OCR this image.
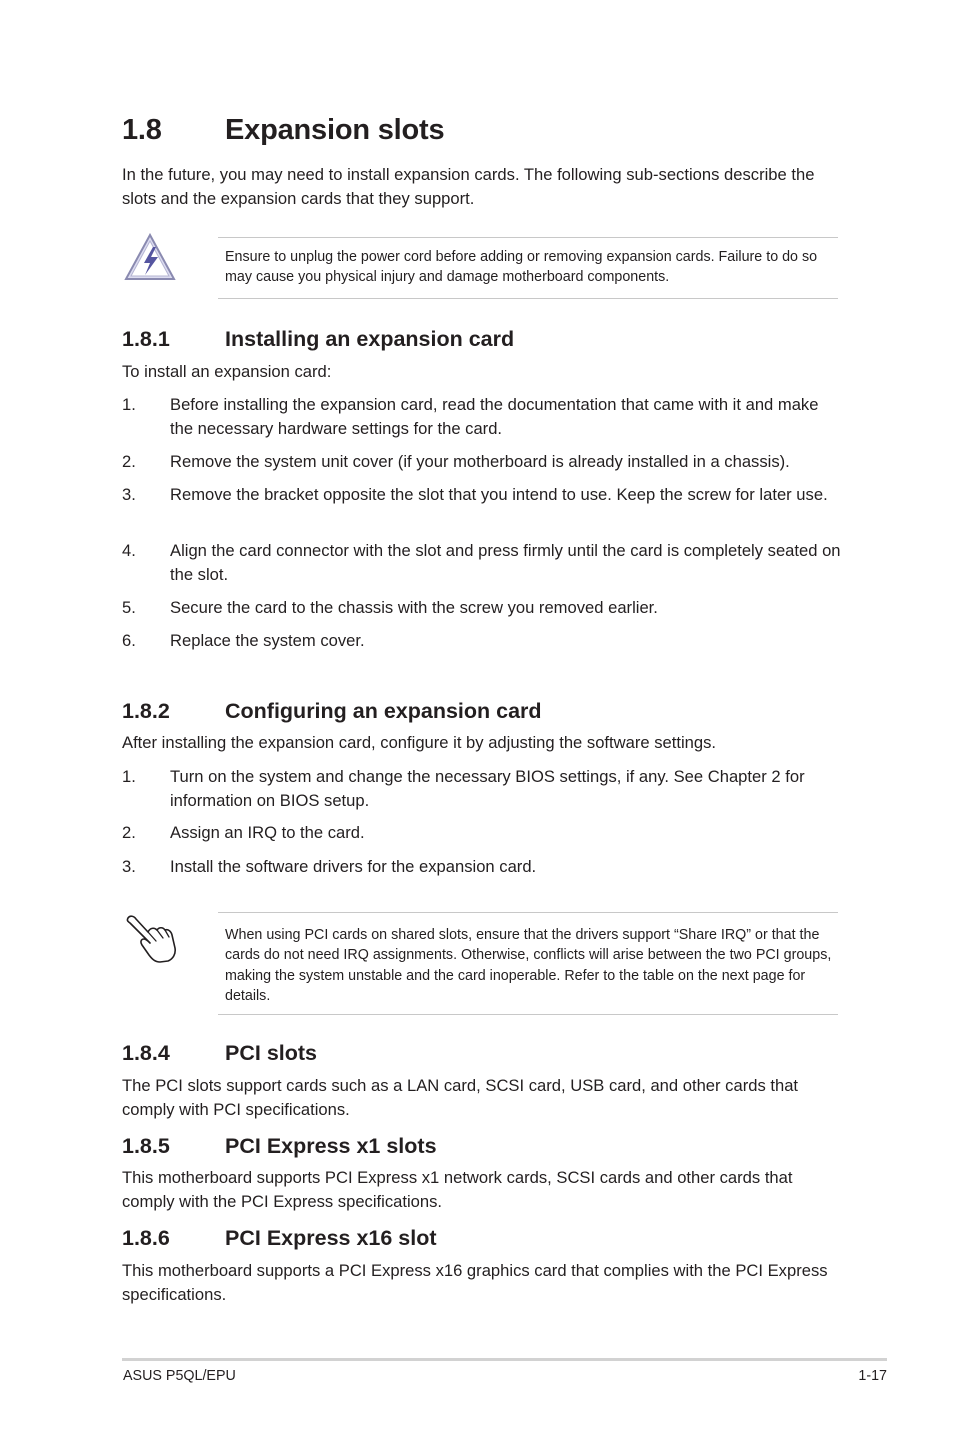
1.8 Expansion slots

In the future, you may need to install expansion cards. The following sub-sections describe the slots and the expansion cards that they support.

Ensure to unplug the power cord before adding or removing expansion cards. Failure to do so may cause you physical injury and damage motherboard components.
1.8.1	Installing an expansion card

To install an expansion card:

1. Before installing the expansion card, read the documentation that came with it and make the necessary hardware settings for the card.
2. Remove the system unit cover (if your motherboard is already installed in a chassis).
3. Remove the bracket opposite the slot that you intend to use. Keep the screw for later use.
4. Align the card connector with the slot and press firmly until the card is completely seated on the slot.
5. Secure the card to the chassis with the screw you removed earlier.
6. Replace the system cover.
1.8.2	Configuring an expansion card

After installing the expansion card, configure it by adjusting the software settings.

1. Turn on the system and change the necessary BIOS settings, if any. See Chapter 2 for information on BIOS setup.
2. Assign an IRQ to the card.
3. Install the software drivers for the expansion card.
When using PCI cards on shared slots, ensure that the drivers support “Share IRQ” or that the cards do not need IRQ assignments. Otherwise, conflicts will arise between the two PCI groups, making the system unstable and the card inoperable. Refer to the table on the next page for details.
1.8.4	PCI slots

The PCI slots support cards such as a LAN card, SCSI card, USB card, and other cards that comply with PCI specifications.

1.8.5	PCI Express x1 slots

This motherboard supports PCI Express x1 network cards, SCSI cards and other cards that comply with the PCI Express specifications.

1.8.6	PCI Express x16 slot

This motherboard supports a PCI Express x16 graphics card that complies with the PCI Express specifications.

ASUS P5QL/EPU	1-17
